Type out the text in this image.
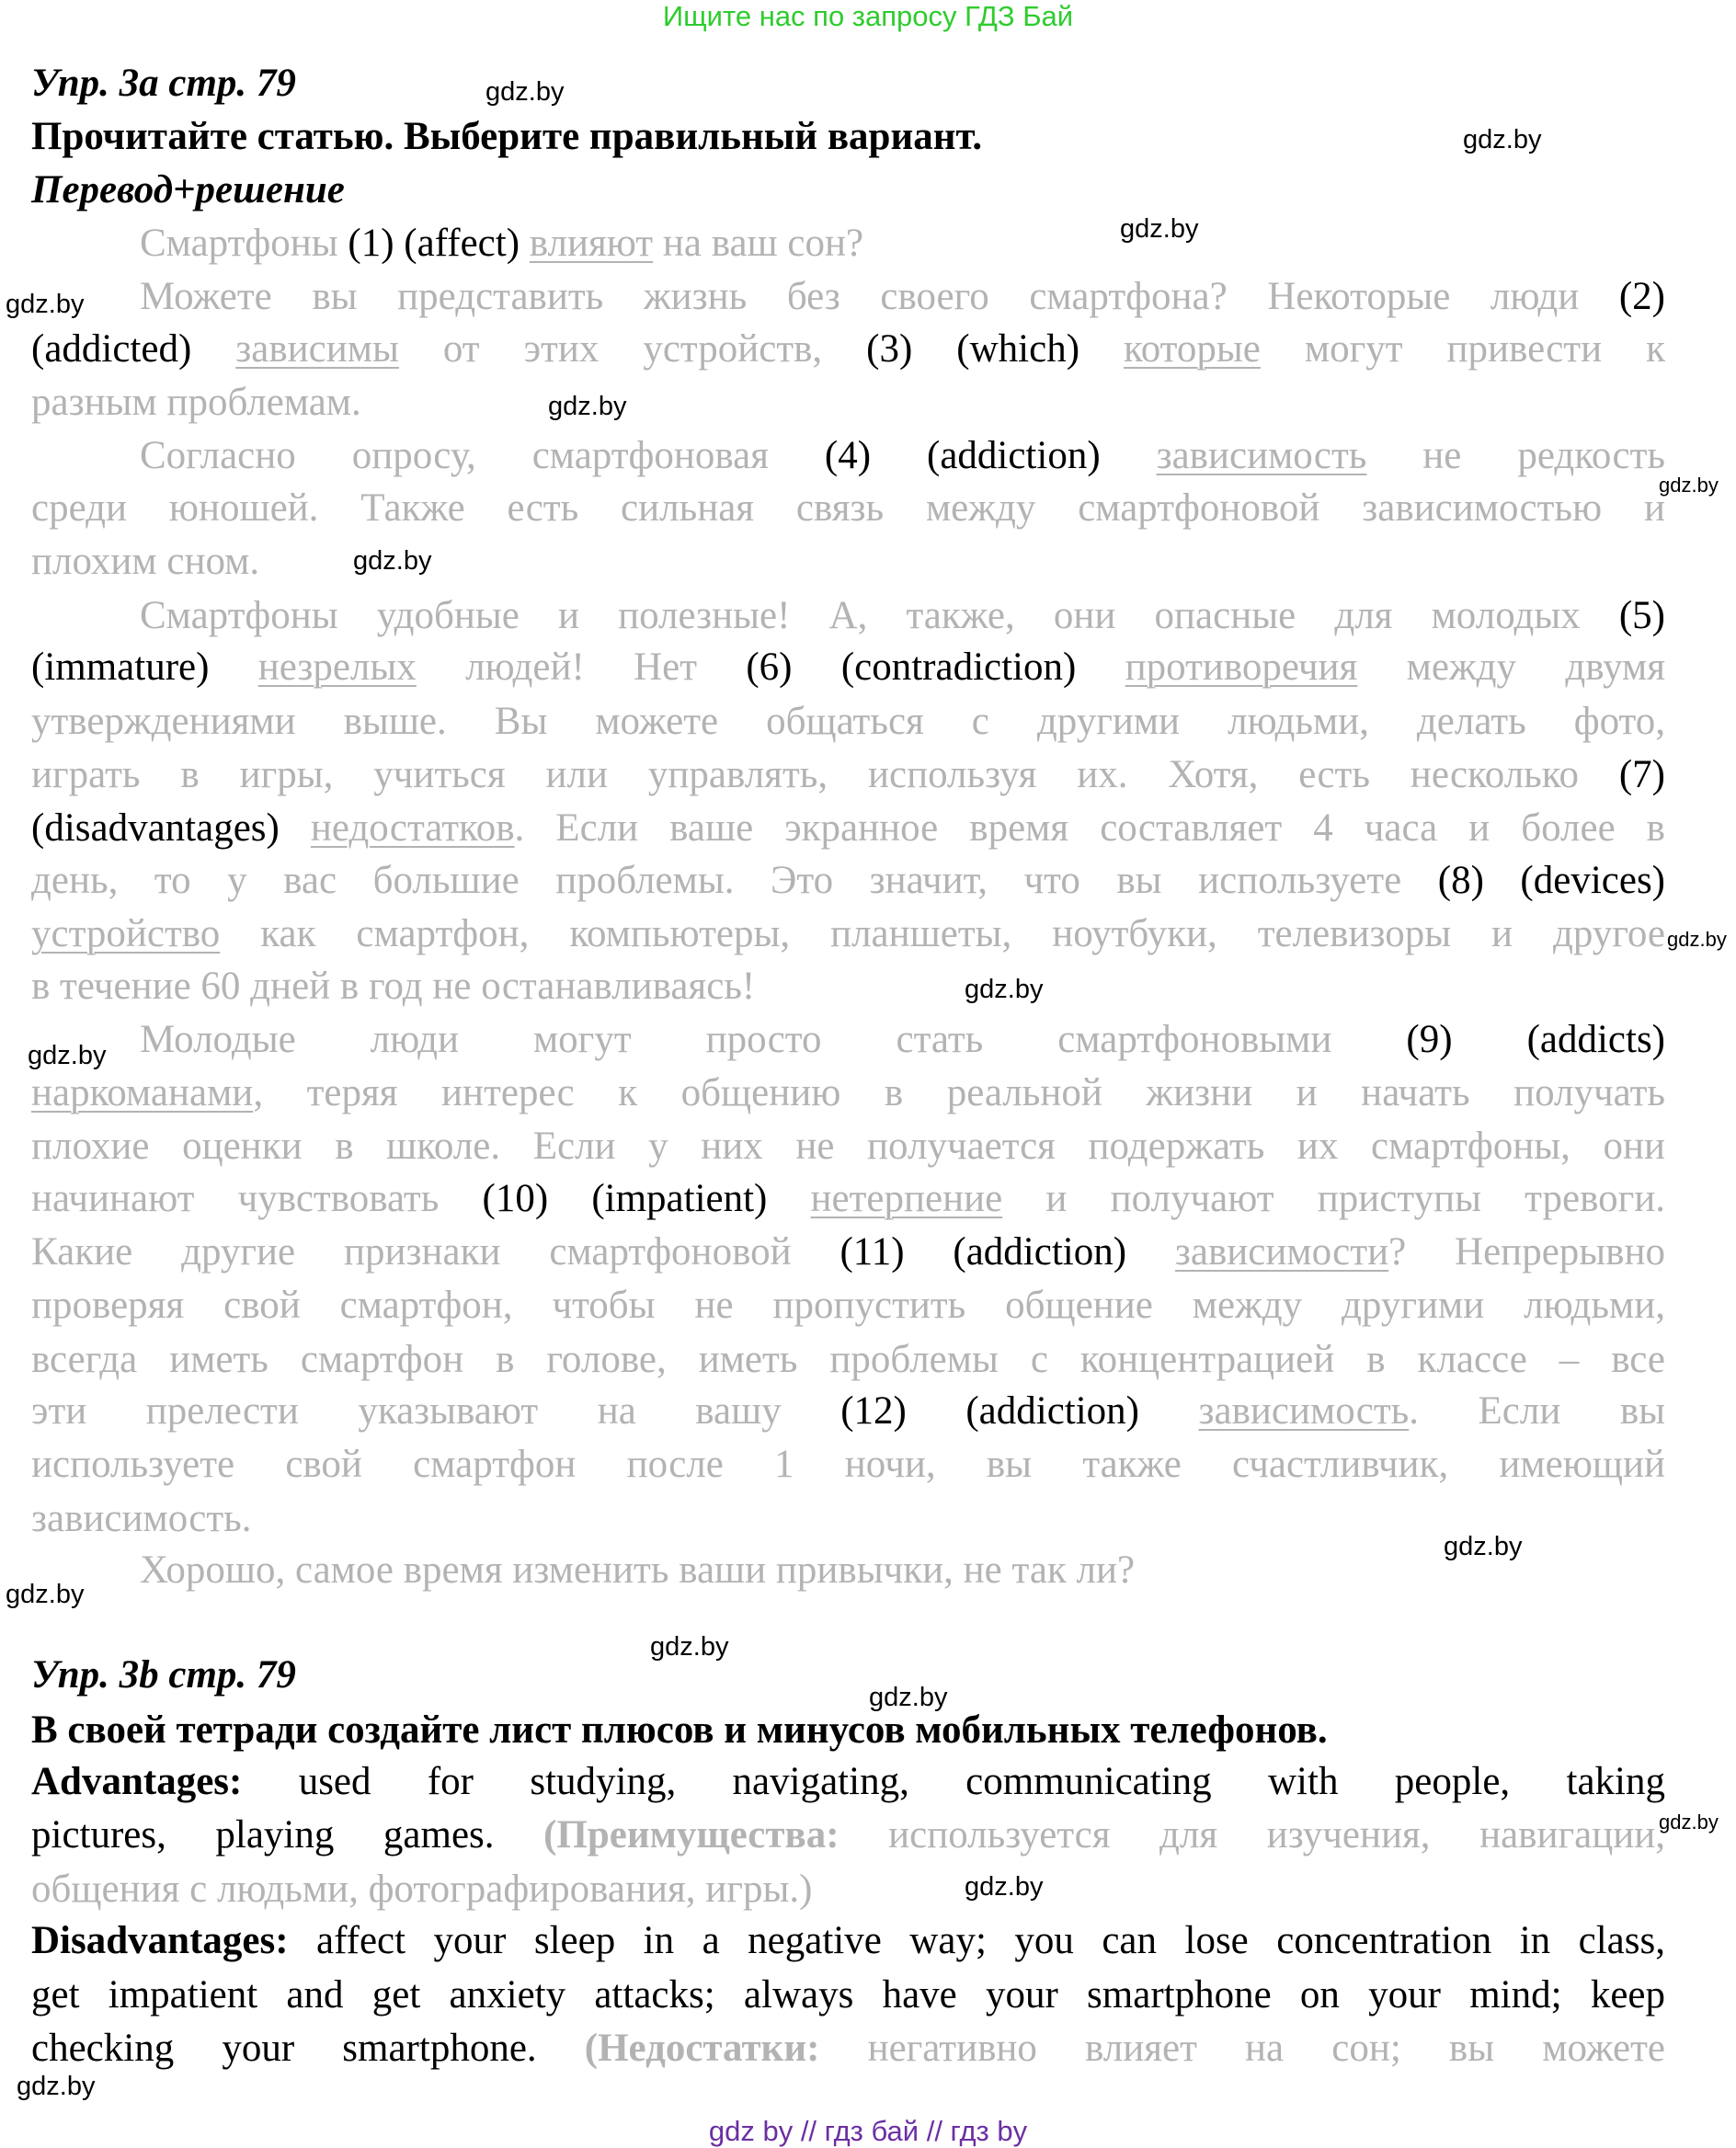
Ищите нас по запросу ГДЗ Бай
Упр. 3а стр. 79
Прочитайте статью. Выберите правильный вариант.
Перевод+решение
Смартфоны (1) (affect) влияют на ваш сон?
Можете вы представить жизнь без своего смартфона? Некоторые люди (2)
(addicted) зависимы от этих устройств, (3) (which) которые могут привести к
разным проблемам.
Согласно опросу, смартфоновая (4) (addiction) зависимость не редкость
среди юношей. Также есть сильная связь между смартфоновой зависимостью и
плохим сном.
Смартфоны удобные и полезные! А, также, они опасные для молодых (5)
(immature) незрелых людей! Нет (6) (contradiction) противоречия между двумя
утверждениями выше. Вы можете общаться с другими людьми, делать фото,
играть в игры, учиться или управлять, используя их. Хотя, есть несколько (7)
(disadvantages) недостатков. Если ваше экранное время составляет 4 часа и более в
день, то у вас большие проблемы. Это значит, что вы используете (8) (devices)
устройство как смартфон, компьютеры, планшеты, ноутбуки, телевизоры и другое
в течение 60 дней в год не останавливаясь!
Молодые люди могут просто стать смартфоновыми (9) (addicts)
наркоманами, теряя интерес к общению в реальной жизни и начать получать
плохие оценки в школе. Если у них не получается подержать их смартфоны, они
начинают чувствовать (10) (impatient) нетерпение и получают приступы тревоги.
Какие другие признаки смартфоновой (11) (addiction) зависимости? Непрерывно
проверяя свой смартфон, чтобы не пропустить общение между другими людьми,
всегда иметь смартфон в голове, иметь проблемы с концентрацией в классе – все
эти прелести указывают на вашу (12) (addiction) зависимость. Если вы
используете свой смартфон после 1 ночи, вы также счастливчик, имеющий
зависимость.
Хорошо, самое время изменить ваши привычки, не так ли?
Упр. 3b стр. 79
В своей тетради создайте лист плюсов и минусов мобильных телефонов.
Advantages: used for studying, navigating, communicating with people, taking
pictures, playing games. (Преимущества: используется для изучения, навигации,
общения с людьми, фотографирования, игры.)
Disadvantages: affect your sleep in a negative way; you can lose concentration in class,
get impatient and get anxiety attacks; always have your smartphone on your mind; keep
checking your smartphone. (Недостатки: негативно влияет на сон; вы можете
gdz.by
gdz.by
gdz.by
gdz.by
gdz.by
gdz.by
gdz.by
gdz.by
gdz.by
gdz.by
gdz.by
gdz.by
gdz.by
gdz.by
gdz.by
gdz.by
gdz.by
gdz by // гдз бай // гдз by
